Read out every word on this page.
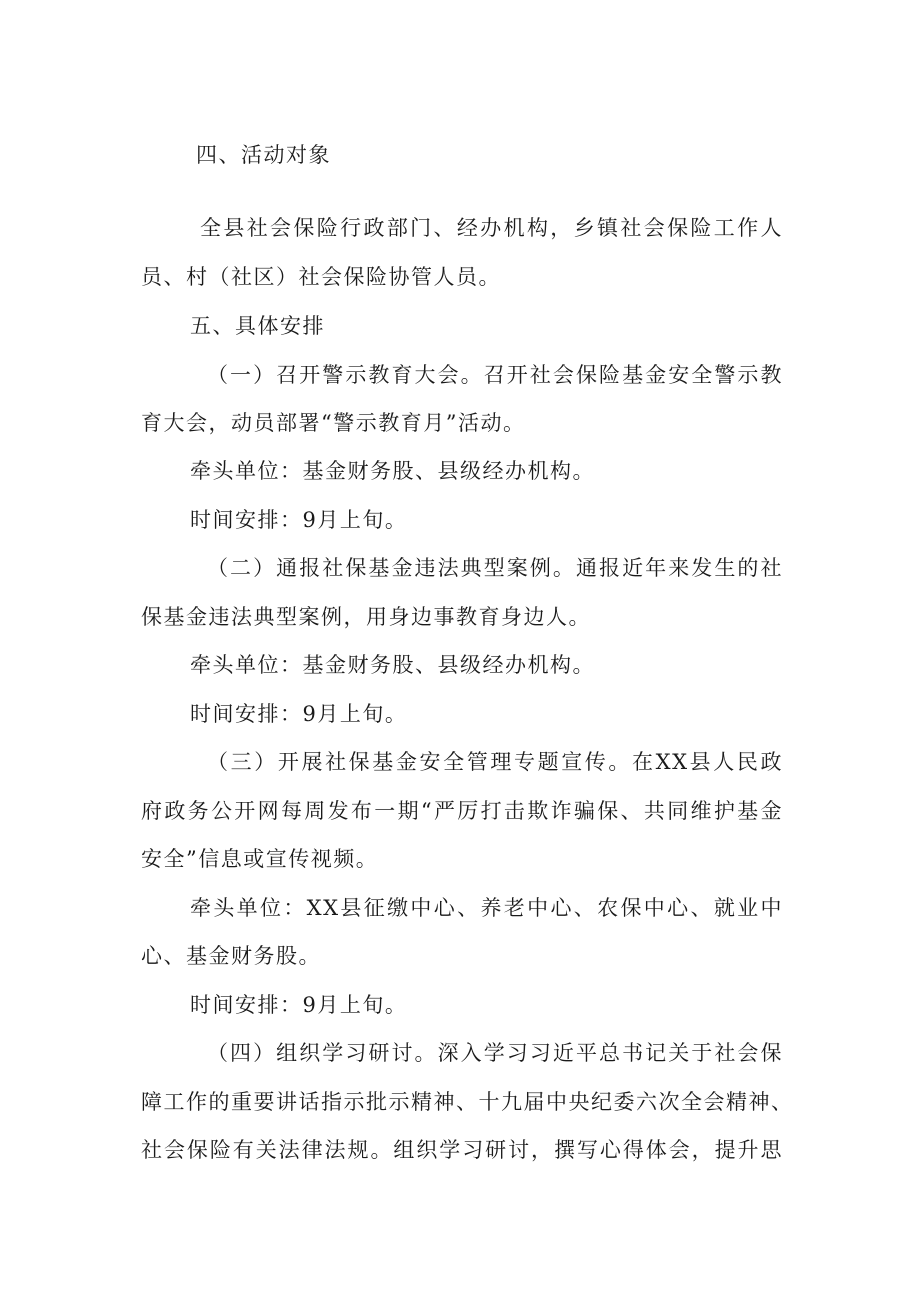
四、活动对象
全县社会保险行政部门、经办机构，乡镇社会保险工作人
员、村（社区）社会保险协管人员。
五、具体安排
（一）召开警示教育大会。召开社会保险基金安全警示教
育大会，动员部署“警示教育月”活动。
牵头单位：基金财务股、县级经办机构。
时间安排：9月上旬。
（二）通报社保基金违法典型案例。通报近年来发生的社
保基金违法典型案例，用身边事教育身边人。
牵头单位：基金财务股、县级经办机构。
时间安排：9月上旬。
（三）开展社保基金安全管理专题宣传。在XX县人民政
府政务公开网每周发布一期“严厉打击欺诈骗保、共同维护基金
安全”信息或宣传视频。
牵头单位：XX县征缴中心、养老中心、农保中心、就业中
心、基金财务股。
时间安排：9月上旬。
（四）组织学习研讨。深入学习习近平总书记关于社会保
障工作的重要讲话指示批示精神、十九届中央纪委六次全会精神、
社会保险有关法律法规。组织学习研讨，撰写心得体会，提升思
